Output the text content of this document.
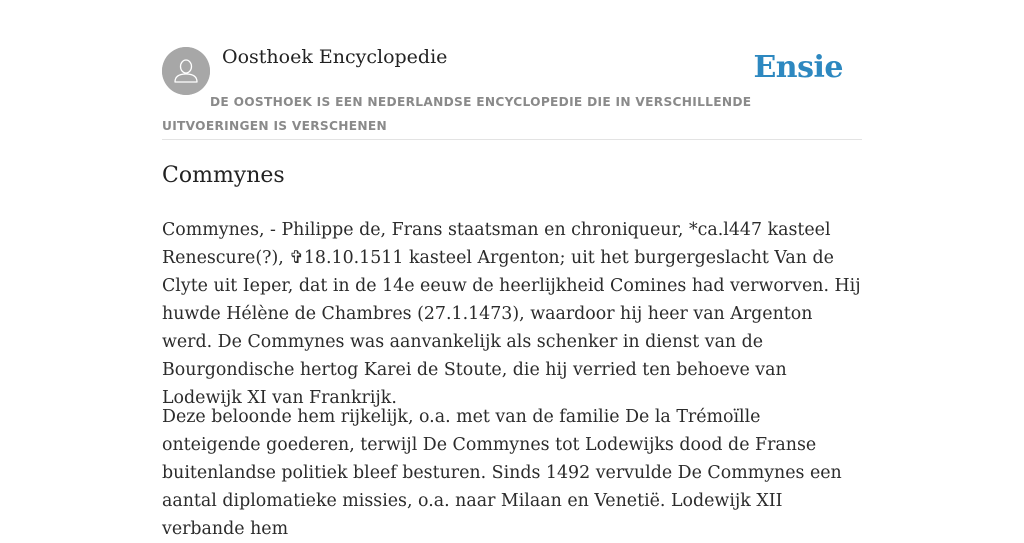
Oosthoek Encyclopedie	Ensie

DE OOSTHOEK IS EEN NEDERLANDSE ENCYCLOPEDIE DIE IN VERSCHILLENDE UITVOERINGEN IS VERSCHENEN

Commynes

Commynes, - Philippe de, Frans staatsman en chroniqueur, *ca.l447 kasteel Renescure(?), ✞18.10.1511 kasteel Argenton; uit het burgergeslacht Van de Clyte uit Ieper, dat in de 14e eeuw de heerlijkheid Comines had verworven. Hij huwde Hélène de Chambres (27.1.1473), waardoor hij heer van Argenton werd. De Commynes was aanvankelijk als schenker in dienst van de Bourgondische hertog Karei de Stoute, die hij verried ten behoeve van Lodewijk XI van Frankrijk.

Deze beloonde hem rijkelijk, o.a. met van de familie De la Trémoïlle onteigende goederen, terwijl De Commynes tot Lodewijks dood de Franse buitenlandse politiek bleef besturen. Sinds 1492 vervulde De Commynes een aantal diplomatieke missies, o.a. naar Milaan en Venetië. Lodewijk XII verbande hem
